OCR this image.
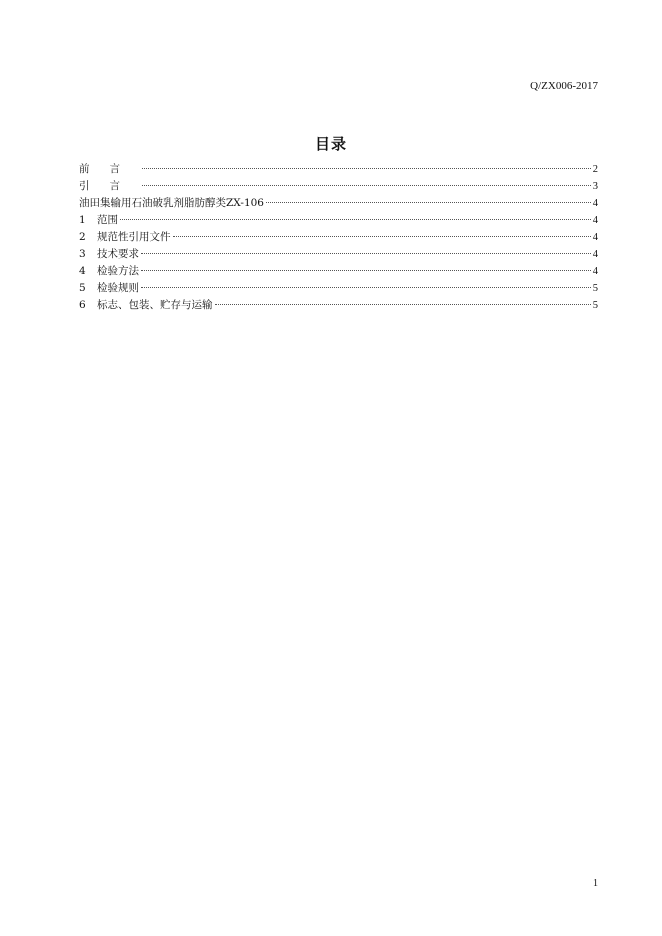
Q/ZX006-2017
目录
前言	2
引言	3
油田集输用石油破乳剂脂肪醇类ZX-106	4
1	范围	4
2	规范性引用文件	4
3	技术要求	4
4	检验方法	4
5	检验规则	5
6	标志、包装、贮存与运输	5
1
